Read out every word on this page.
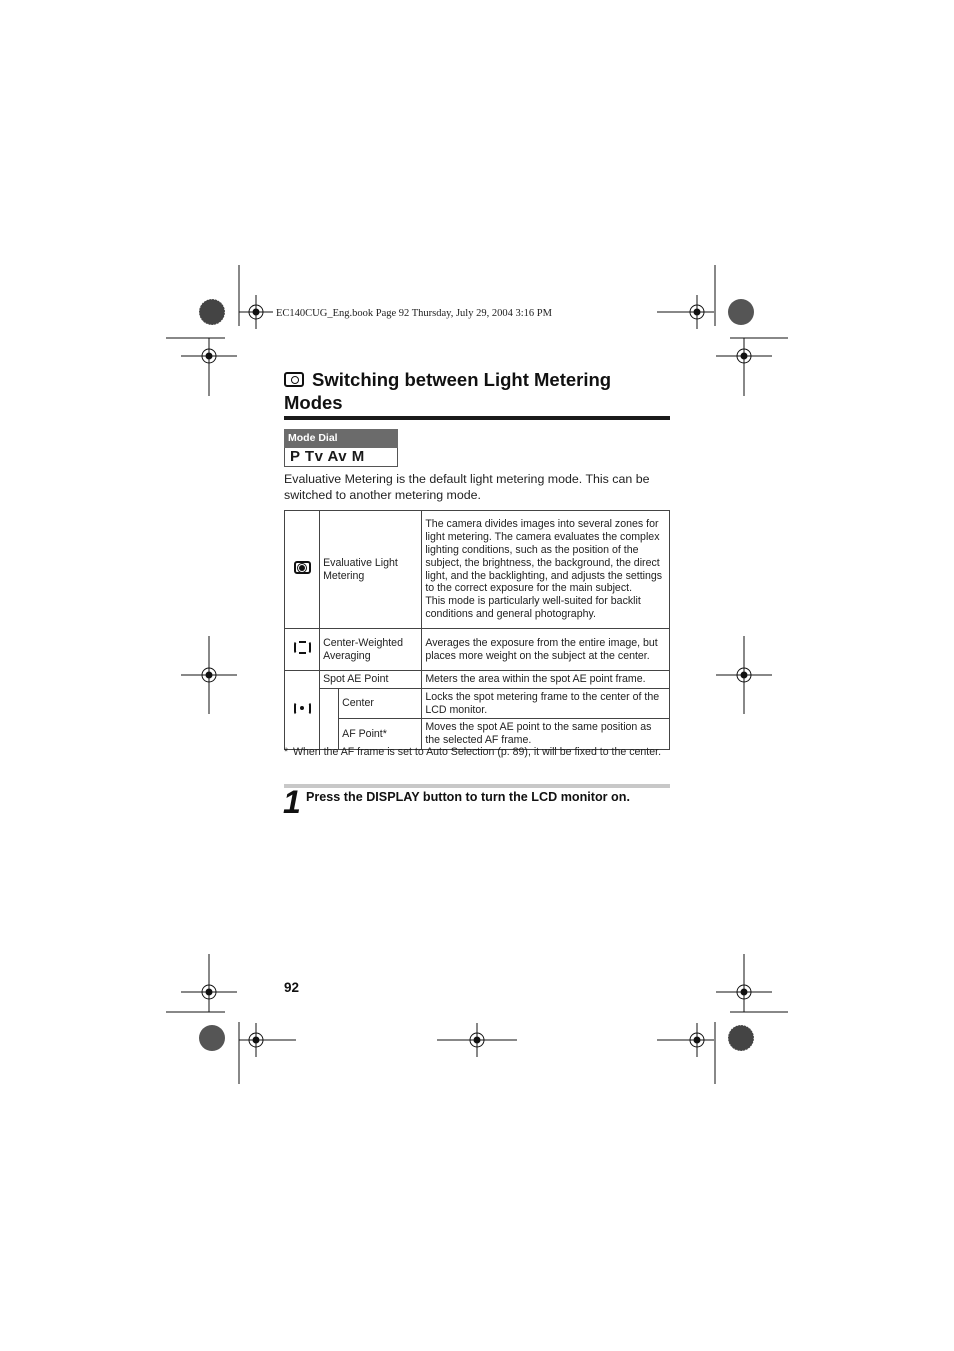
EC140CUG_Eng.book Page 92 Thursday, July 29, 2004 3:16 PM
Switching between Light Metering Modes
Mode Dial
P Tv Av M
Evaluative Metering is the default light metering mode. This can be switched to another metering mode.
	Evaluative Light Metering		The camera divides images into several zones for light metering. The camera evaluates the complex lighting conditions, such as the position of the subject, the brightness, the background, the direct light, and the backlighting, and adjusts the settings to the correct exposure for the main subject.
This mode is particularly well-suited for backlit conditions and general photography.
	Center-Weighted Averaging		Averages the exposure from the entire image, but places more weight on the subject at the center.
	Spot AE Point		Meters the area within the spot AE point frame.
		Center	Locks the spot metering frame to the center of the LCD monitor.
		AF Point*	Moves the spot AE point to the same position as the selected AF frame.
* When the AF frame is set to Auto Selection (p. 89), it will be fixed to the center.
1 Press the DISPLAY button to turn the LCD monitor on.
92
